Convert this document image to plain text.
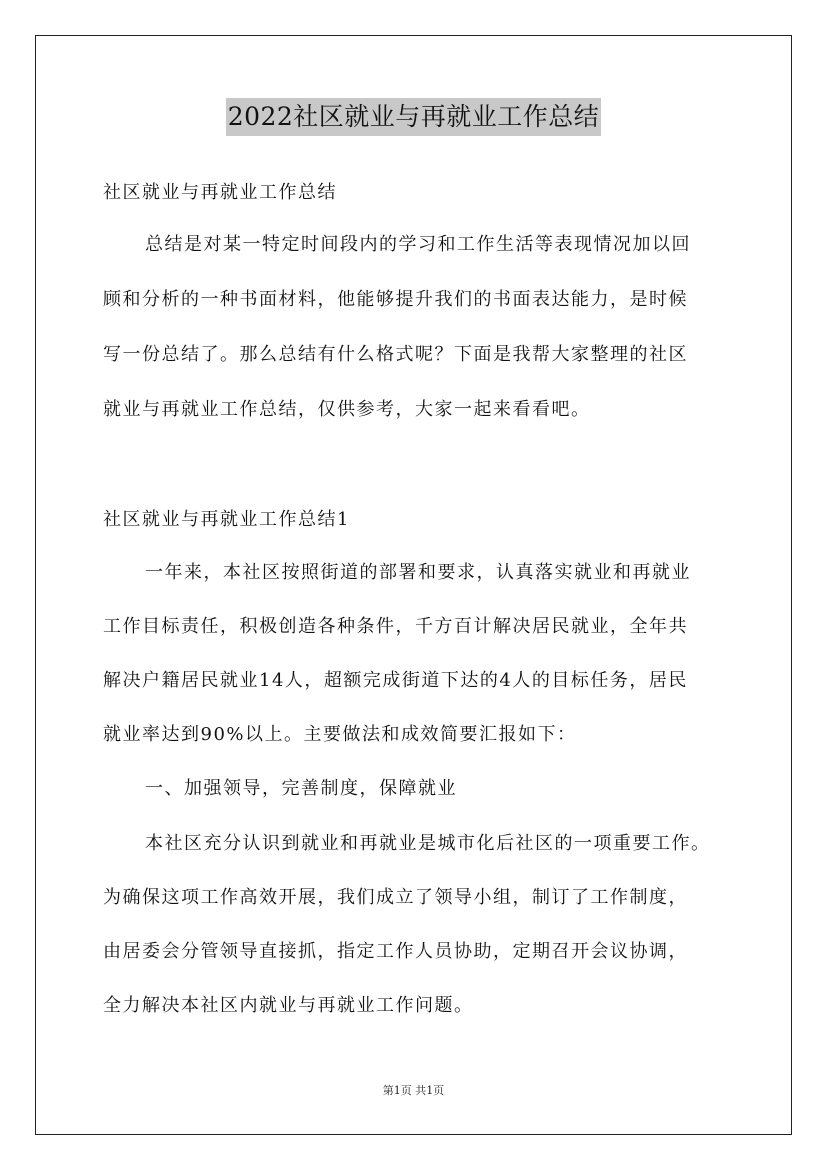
2022社区就业与再就业工作总结
社区就业与再就业工作总结
总结是对某一特定时间段内的学习和工作生活等表现情况加以回
顾和分析的一种书面材料，他能够提升我们的书面表达能力，是时候
写一份总结了。那么总结有什么格式呢？下面是我帮大家整理的社区
就业与再就业工作总结，仅供参考，大家一起来看看吧。
社区就业与再就业工作总结1
一年来，本社区按照街道的部署和要求，认真落实就业和再就业
工作目标责任，积极创造各种条件，千方百计解决居民就业，全年共
解决户籍居民就业14人，超额完成街道下达的4人的目标任务，居民
就业率达到90%以上。主要做法和成效简要汇报如下：
一、加强领导，完善制度，保障就业
本社区充分认识到就业和再就业是城市化后社区的一项重要工作。
为确保这项工作高效开展，我们成立了领导小组，制订了工作制度，
由居委会分管领导直接抓，指定工作人员协助，定期召开会议协调，
全力解决本社区内就业与再就业工作问题。
第1页 共1页
